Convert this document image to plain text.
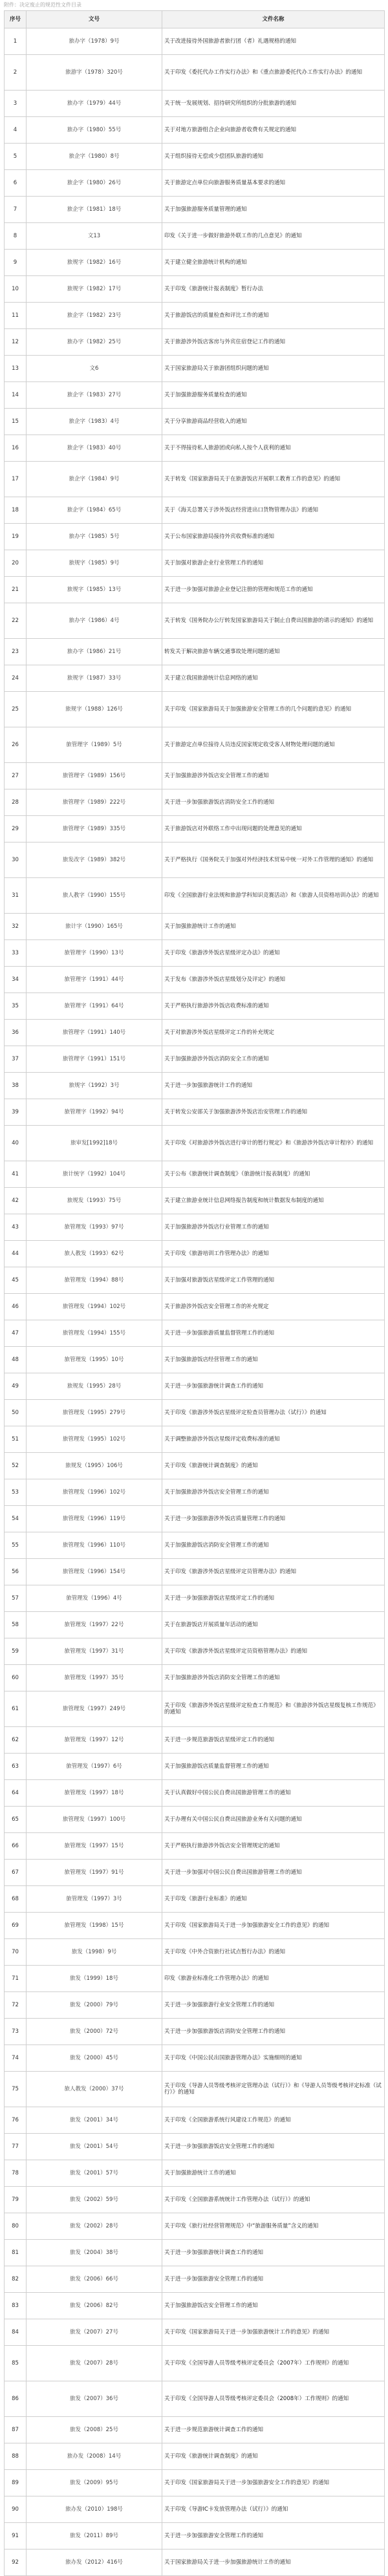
附件：决定废止的规范性文件目录
序号	文号	文件名称
1	旅办字（1978）9号	关于改进接待外国旅游者旅行团（者）礼遇规格的通知
2	旅游字（1978）320号	关于印发《委托代办工作实行办法》和《重点旅游委托代办工作实行办法》的通知
3	旅办字（1979）44号	关于统一发展规划、招待研究所组织的分批旅游的通知
4	旅办字（1980）55号	关于对地方旅游组合企业向旅游者收费有关规定的通知
5	旅企字（1980）8号	关于组织接待无偿或少偿团队旅游的通知
6	旅企字（1980）26号	关于旅游定点单位向旅游服务质量基本要求的通知
7	旅企字（1981）18号	关于加强旅游服务质量管理的通知
8	文13	印发《关于进一步做好旅游外联工作的几点意见》的通知
9	旅规字（1982）16号	关于建立健全旅游统计机构的通知
10	旅规字（1982）17号	关于印发《旅游统计报表制度》暂行办法
11	旅企字（1982）23号	关于旅游饭店的质量检查和评比工作的通知
12	旅办字（1982）25号	关于旅游涉外饭店客房与外宾住宿登记工作的通知
13	文6	关于国家旅游局关于旅游团组织问题的通知
14	旅企字（1983）27号	关于加强旅游服务质量检查的通知
15	旅企字（1983）4号	关于分享旅游商品经营收入的通知
16	旅企字（1983）40号	关于不得接待私人旅游团或向私人按个人获利的通知
17	旅企字（1984）9号	关于转发《国家旅游局关于在旅游饭店开展职工教育工作的意见》的通知
18	旅企字（1984）65号	关于《海关总署关于涉外饭店经营进出口货物管理办法》的通知
19	旅办字（1985）5号	关于公布国家旅游局接待外宾收费标准的通知
20	旅规字（1985）9号	关于加强对旅游企业行业管理工作的通知
21	旅规字（1985）13号	关于进一步加强对旅游企业登记注册的管理和规范工作的通知
22	旅办字（1986）4号	关于转发《国务院办公厅转发国家旅游局关于制止自费出国旅游的请示的通知》的通知
23	旅办字（1986）21号	转发关于解决旅游车辆交通事故处理问题的通知
24	旅规字（1987）33号	关于建立我国旅游统计信息网络的通知
25	旅规字（1988）126号	关于印发《国家旅游局关于加强旅游安全管理工作的几个问题的意见》的通知
26	旅管理字（1989）5号	关于旅游定点单位接待人员违反国家规定收受客人财物处理问题的通知
27	旅管理字（1989）156号	关于加强旅游涉外饭店安全管理工作的通知
28	旅管理字（1989）222号	关于进一步加强旅游饭店消防安全工作的通知
29	旅管理字（1989）335号	关于旅游饭店对外联络工作中出现问题的处理意见的通知
30	旅发改字（1989）382号	关于严格执行《国务院关于加强对外经济技术贸易中统一对外工作管理的通知》的通知
31	旅人教字（1990）155号	印发《全国旅游行业法规和旅游学科知识竞赛活动》和《旅游人员资格培训办法》的通知
32	旅计字（1990）165号	关于加强旅游统计工作的通知
33	旅管理字（1990）13号	关于印发《旅游涉外饭店星级评定办法》的通知
34	旅管理字（1991）44号	关于发布《旅游涉外饭店星级划分及评定》的通知
35	旅管理字（1991）64号	关于严格执行旅游涉外饭店收费标准的通知
36	旅管理字（1991）140号	关于对旅游涉外饭店星级评定工作的补充规定
37	旅管理字（1991）151号	关于加强旅游涉外饭店消防安全工作的通知
38	旅规字（1992）3号	关于进一步加强旅游统计工作的通知
39	旅管理字（1992）94号	关于转发公安部关于加强旅游涉外饭店治安管理工作的通知
40	旅审发[1992]18号	关于印发《对旅游涉外饭店进行审计的暂行规定》和《旅游涉外饭店审计程序》的通知
41	旅计统字（1992）104号	关于公布《旅游统计调查制度》（旅游统计报表制度）的通知
42	旅规发（1993）75号	关于建立旅游业统计信息网络报告制度和统计数据发布制度的通知
43	旅管理发（1993）97号	关于加强旅游涉外饭店行业管理工作的通知
44	旅人教发（1993）62号	关于印发《旅游培训工作管理办法》的通知
45	旅管理发（1994）88号	关于加强对旅游饭店星级评定工作管理的通知
46	旅管理发（1994）102号	关于旅游涉外饭店安全管理工作的补充规定
47	旅管理发（1994）155号	关于进一步加强旅游质量监督管理工作的通知
48	旅管理发（1995）10号	关于加强旅游饭店经营管理工作的通知
49	旅规发（1995）28号	关于进一步加强旅游统计调查工作的通知
50	旅管理发（1995）279号	关于印发《旅游涉外饭店星级评定检查员管理办法（试行）》的通知
51	旅管理发（1995）102号	关于调整旅游涉外饭店星级评定收费标准的通知
52	旅规发（1995）106号	关于印发《旅游统计调查制度》的通知
53	旅管理发（1996）102号	关于加强旅游涉外饭店安全管理工作的通知
54	旅管理发（1996）119号	关于进一步加强旅游涉外饭店质量管理工作的通知
55	旅管理发（1996）110号	关于加强旅游饭店消防安全管理工作的通知
56	旅管理发（1996）154号	关于印发《旅游涉外饭店星级评定员管理办法》的通知
57	旅管理发（1996）4号	关于进一步加强旅游饭店星级评定工作的通知
58	旅管理发（1997）22号	关于在旅游饭店开展质量年活动的通知
59	旅管理发（1997）31号	关于印发《旅游涉外饭店星级评定员资格管理办法》的通知
60	旅管理发（1997）35号	关于加强旅游涉外饭店消防安全管理工作的通知
61	旅管理发（1997）249号	关于印发《旅游涉外饭店星级评定检查工作规范》和《旅游涉外饭店星级复核工作规范》的通知
62	旅管理发（1997）12号	关于进一步规范旅游饭店星级评定工作的通知
63	旅管理发（1997）6号	关于加强旅游饭店质量监督管理工作的通知
64	旅管理发（1997）18号	关于认真做好中国公民自费出国旅游管理工作的通知
65	旅管理发（1997）100号	关于办理有关中国公民自费出国旅游业务有关问题的通知
66	旅管理发（1997）15号	关于严格执行旅游涉外饭店安全管理规定的通知
67	旅管理发（1997）91号	关于进一步加强对中国公民自费出国旅游管理工作的通知
68	旅管理发（1997）3号	关于印发《旅游行业标准》的通知
69	旅管理发（1998）15号	关于印发《国家旅游局关于进一步加强旅游安全工作的意见》的通知
70	旅发（1998）9号	关于印发《中外合资旅行社试点暂行办法》的通知
71	旅发（1999）18号	印发《旅游业标准化工作管理办法》的通知
72	旅发（2000）79号	关于进一步加强旅游行业安全管理工作的通知
73	旅发（2000）72号	关于进一步加强旅游饭店消防安全管理工作的通知
74	旅发（2000）45号	关于印发《中国公民出国旅游管理办法》实施细则的通知
75	旅人教发（2000）37号	关于印发《导游人员等级考核评定管理办法（试行）》和《导游人员等级考核评定标准（试行）》的通知
76	旅发（2001）34号	关于印发《全国旅游系统行风建设工作规范》的通知
77	旅发（2001）54号	关于进一步加强旅游饭店安全管理工作的通知
78	旅发（2001）57号	关于加强旅游统计工作的通知
79	旅发（2002）59号	关于印发《全国旅游系统统计工作管理办法（试行）》的通知
80	旅发（2002）28号	关于印发《旅行社经营管理规范》中“旅游服务质量”含义的通知
81	旅发（2004）38号	关于进一步加强旅游统计调查工作的通知
82	旅发（2006）66号	关于进一步加强旅游安全管理工作的通知
83	旅发（2006）82号	关于加强旅游饭店安全管理工作的通知
84	旅发（2007）27号	关于印发《国家旅游局关于进一步加强旅游统计工作的意见》的通知
85	旅发（2007）28号	关于印发《全国导游人员等级考核评定委员会（2007年）工作规则》的通知
86	旅发（2007）36号	关于印发《全国导游人员等级考核评定委员会（2008年）工作规则》的通知
87	旅发（2008）25号	关于进一步规范旅游统计调查工作的通知
88	旅办发（2008）14号	关于印发《旅游统计调查制度》的通知
89	旅发（2009）95号	关于印发《国家旅游局关于进一步加强旅游安全工作的意见》的通知
90	旅办发（2010）198号	关于印发《导游IC卡发放管理办法（试行）》的通知
91	旅发（2011）89号	关于进一步加强旅游安全管理工作的通知
92	旅办发（2012）416号	关于国家旅游局关于进一步加强旅游统计工作的通知
